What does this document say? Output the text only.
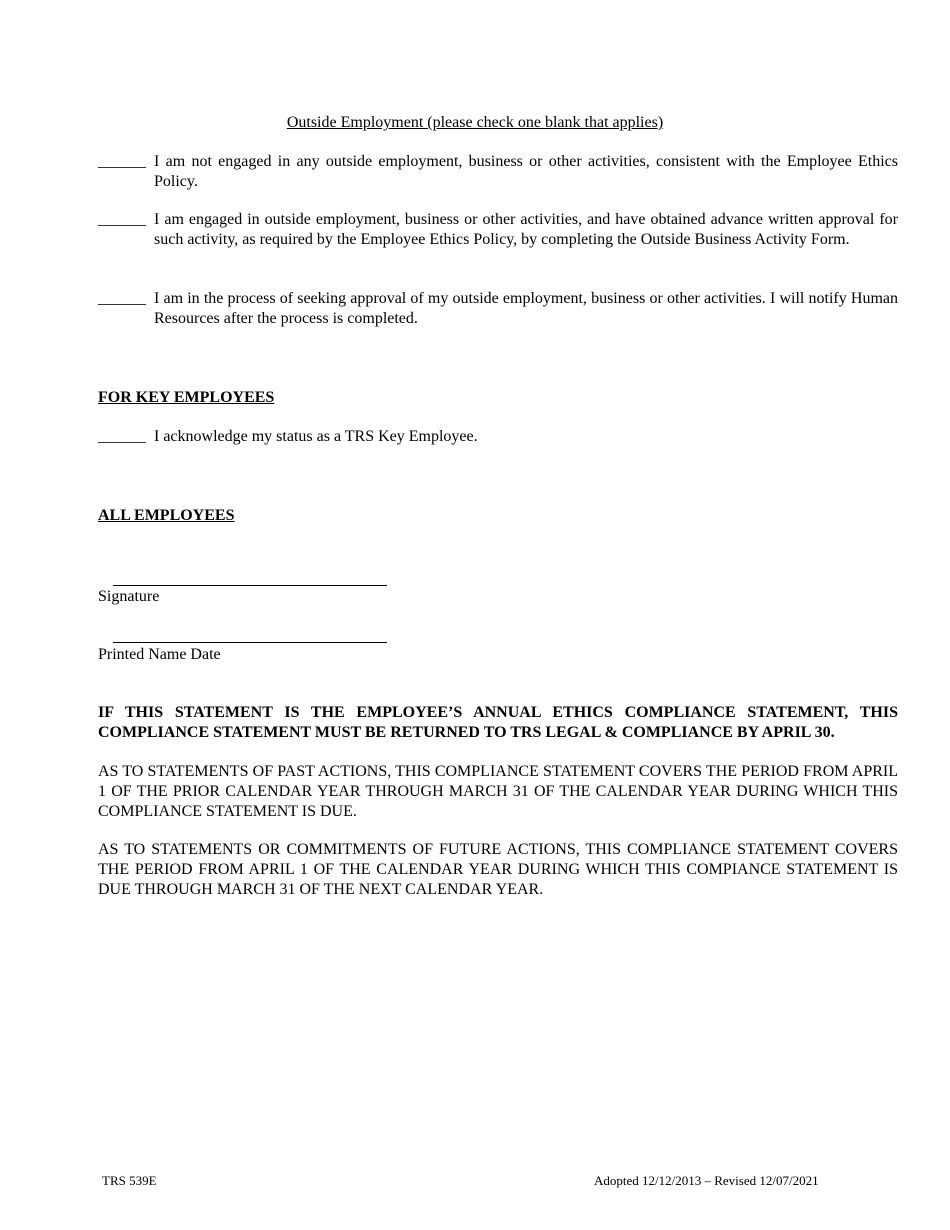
Outside Employment (please check one blank that applies)
______ I am not engaged in any outside employment, business or other activities, consistent with the Employee Ethics Policy.
______ I am engaged in outside employment, business or other activities, and have obtained advance written approval for such activity, as required by the Employee Ethics Policy, by completing the Outside Business Activity Form.
______ I am in the process of seeking approval of my outside employment, business or other activities. I will notify Human Resources after the process is completed.
FOR KEY EMPLOYEES
______ I acknowledge my status as a TRS Key Employee.
ALL EMPLOYEES
Signature
Printed Name Date
IF THIS STATEMENT IS THE EMPLOYEE’S ANNUAL ETHICS COMPLIANCE STATEMENT, THIS COMPLIANCE STATEMENT MUST BE RETURNED TO TRS LEGAL & COMPLIANCE BY APRIL 30.
AS TO STATEMENTS OF PAST ACTIONS, THIS COMPLIANCE STATEMENT COVERS THE PERIOD FROM APRIL 1 OF THE PRIOR CALENDAR YEAR THROUGH MARCH 31 OF THE CALENDAR YEAR DURING WHICH THIS COMPLIANCE STATEMENT IS DUE.
AS TO STATEMENTS OR COMMITMENTS OF FUTURE ACTIONS, THIS COMPLIANCE STATEMENT COVERS THE PERIOD FROM APRIL 1 OF THE CALENDAR YEAR DURING WHICH THIS COMPIANCE STATEMENT IS DUE THROUGH MARCH 31 OF THE NEXT CALENDAR YEAR.
TRS 539E	Adopted 12/12/2013 – Revised 12/07/2021
